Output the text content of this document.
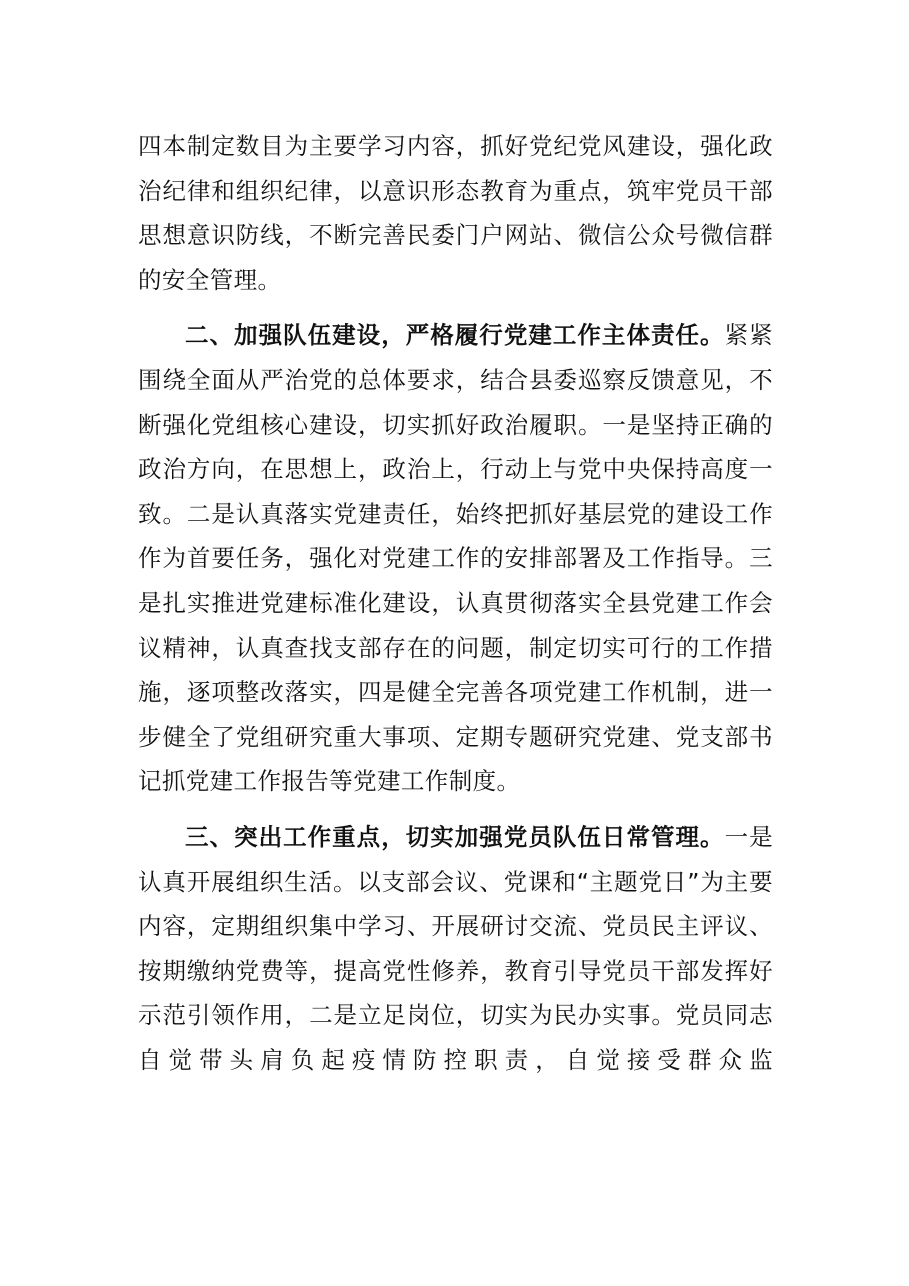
四本制定数目为主要学习内容，抓好党纪党风建设，强化政治纪律和组织纪律，以意识形态教育为重点，筑牢党员干部思想意识防线，不断完善民委门户网站、微信公众号微信群的安全管理。

二、加强队伍建设，严格履行党建工作主体责任。紧紧围绕全面从严治党的总体要求，结合县委巡察反馈意见，不断强化党组核心建设，切实抓好政治履职。一是坚持正确的政治方向，在思想上，政治上，行动上与党中央保持高度一致。二是认真落实党建责任，始终把抓好基层党的建设工作作为首要任务，强化对党建工作的安排部署及工作指导。三是扎实推进党建标准化建设，认真贯彻落实全县党建工作会议精神，认真查找支部存在的问题，制定切实可行的工作措施，逐项整改落实，四是健全完善各项党建工作机制，进一步健全了党组研究重大事项、定期专题研究党建、党支部书记抓党建工作报告等党建工作制度。

三、突出工作重点，切实加强党员队伍日常管理。一是认真开展组织生活。以支部会议、党课和“主题党日”为主要内容，定期组织集中学习、开展研讨交流、党员民主评议、按期缴纳党费等，提高党性修养，教育引导党员干部发挥好示范引领作用，二是立足岗位，切实为民办实事。党员同志自觉带头肩负起疫情防控职责，自觉接受群众监
